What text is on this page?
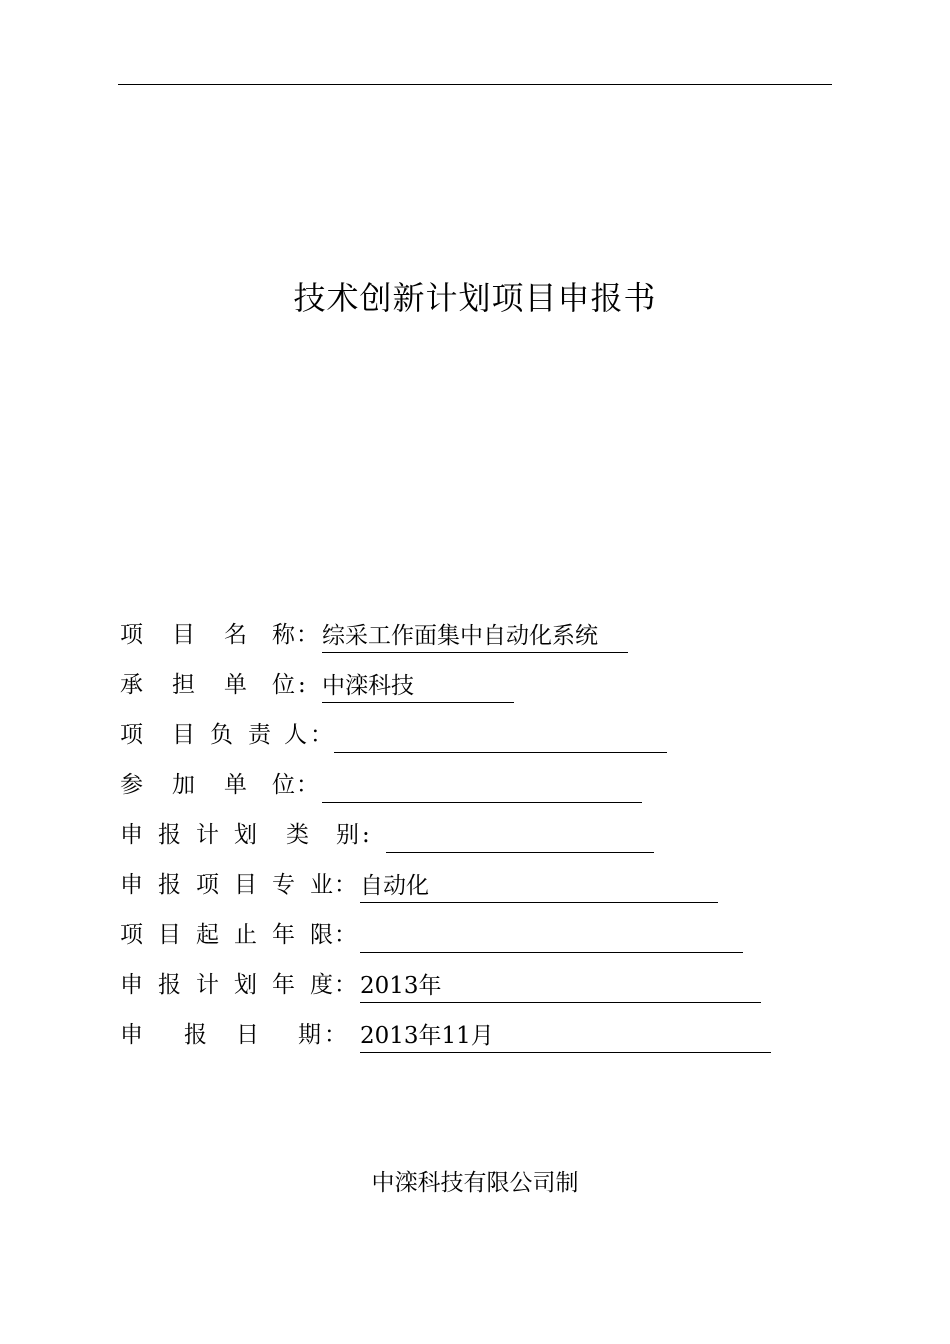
技术创新计划项目申报书
项 目 名 称 ： 综采工作面集中自动化系统
承 担 单 位 : 中滦科技
项 目 负 责 人 ：
参 加 单 位 ：
申 报 计 划 类 别 :
申 报 项 目 专 业 ： 自动化
项 目 起 止 年 限 ：
申 报 计 划 年 度 ： 2013年
申 报 日 期 ： 2013年11月
中滦科技有限公司制
